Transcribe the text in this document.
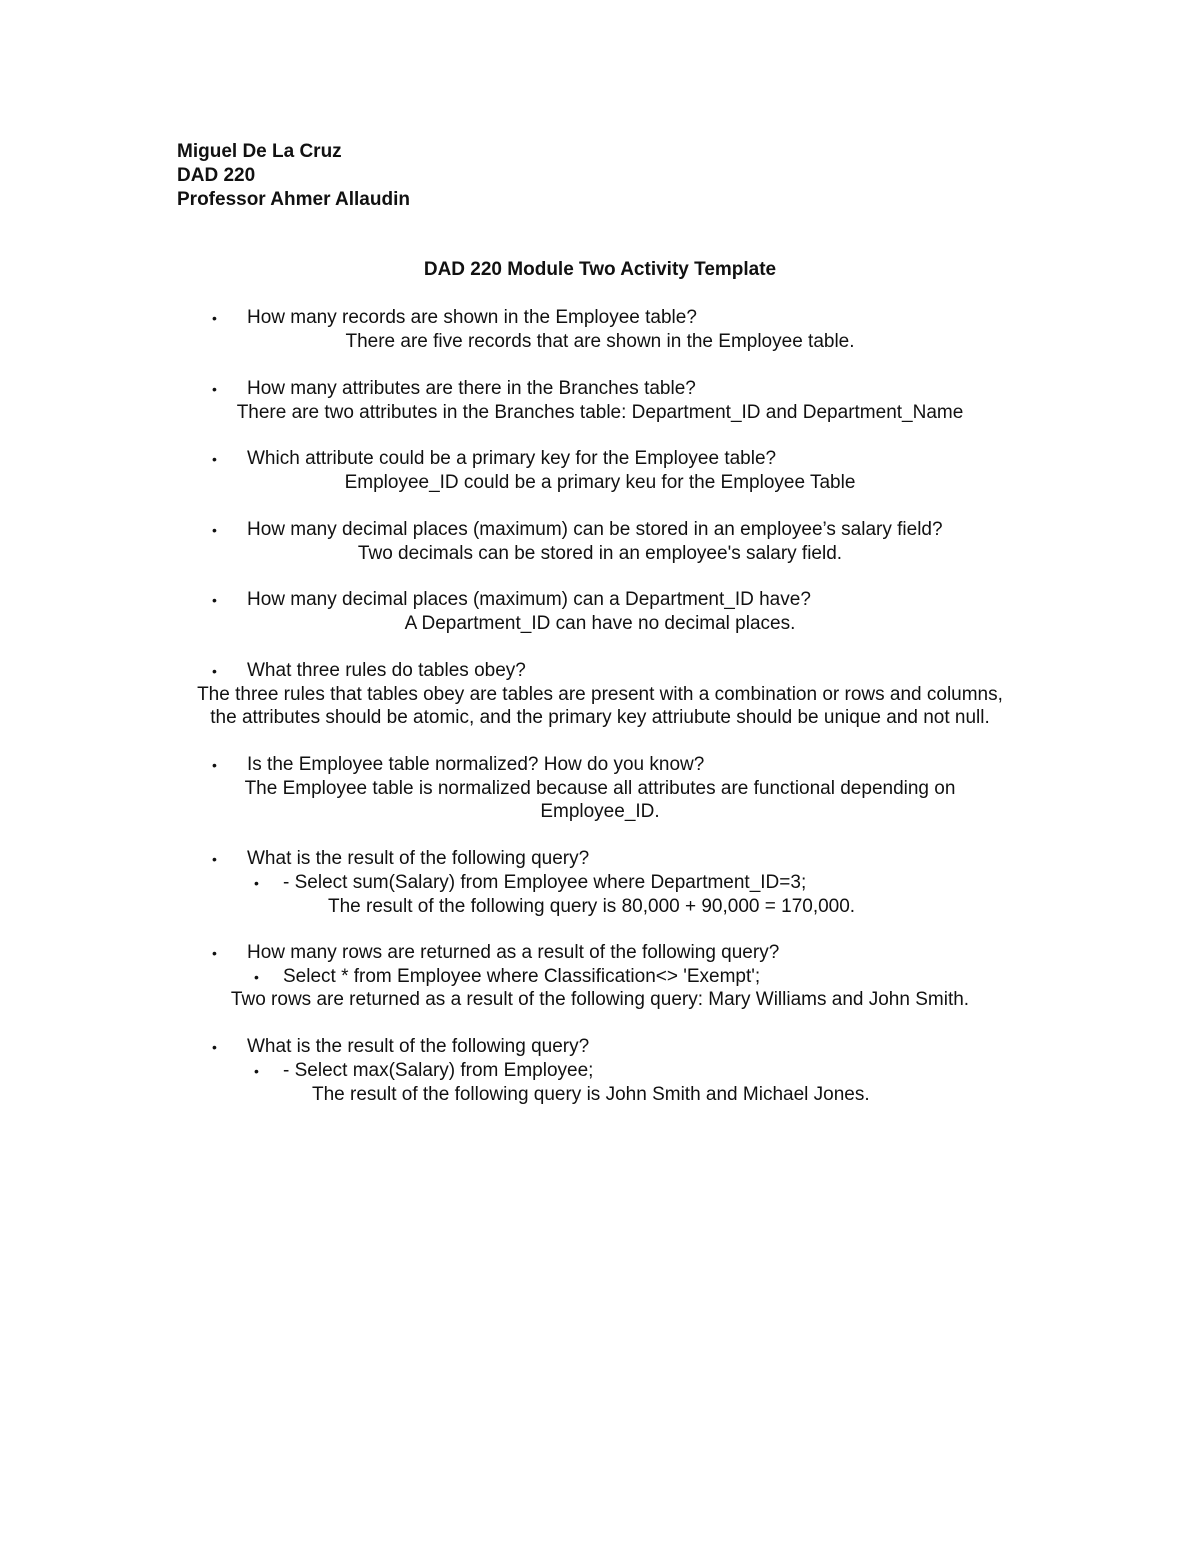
Miguel De La Cruz
DAD 220
Professor Ahmer Allaudin
DAD 220 Module Two Activity Template
• How many records are shown in the Employee table?
There are five records that are shown in the Employee table.
• How many attributes are there in the Branches table?
There are two attributes in the Branches table: Department_ID and Department_Name
• Which attribute could be a primary key for the Employee table?
Employee_ID could be a primary keu for the Employee Table
• How many decimal places (maximum) can be stored in an employee’s salary field?
Two decimals can be stored in an employee's salary field.
• How many decimal places (maximum) can a Department_ID have?
A Department_ID can have no decimal places.
• What three rules do tables obey?
The three rules that tables obey are tables are present with a combination or rows and columns,
the attributes should be atomic, and the primary key attriubute should be unique and not null.
• Is the Employee table normalized? How do you know?
The Employee table is normalized because all attributes are functional depending on
Employee_ID.
• What is the result of the following query?
• - Select sum(Salary) from Employee where Department_ID=3;
The result of the following query is 80,000 + 90,000 = 170,000.
• How many rows are returned as a result of the following query?
• Select * from Employee where Classification<> 'Exempt';
Two rows are returned as a result of the following query: Mary Williams and John Smith.
• What is the result of the following query?
• - Select max(Salary) from Employee;
The result of the following query is John Smith and Michael Jones.
